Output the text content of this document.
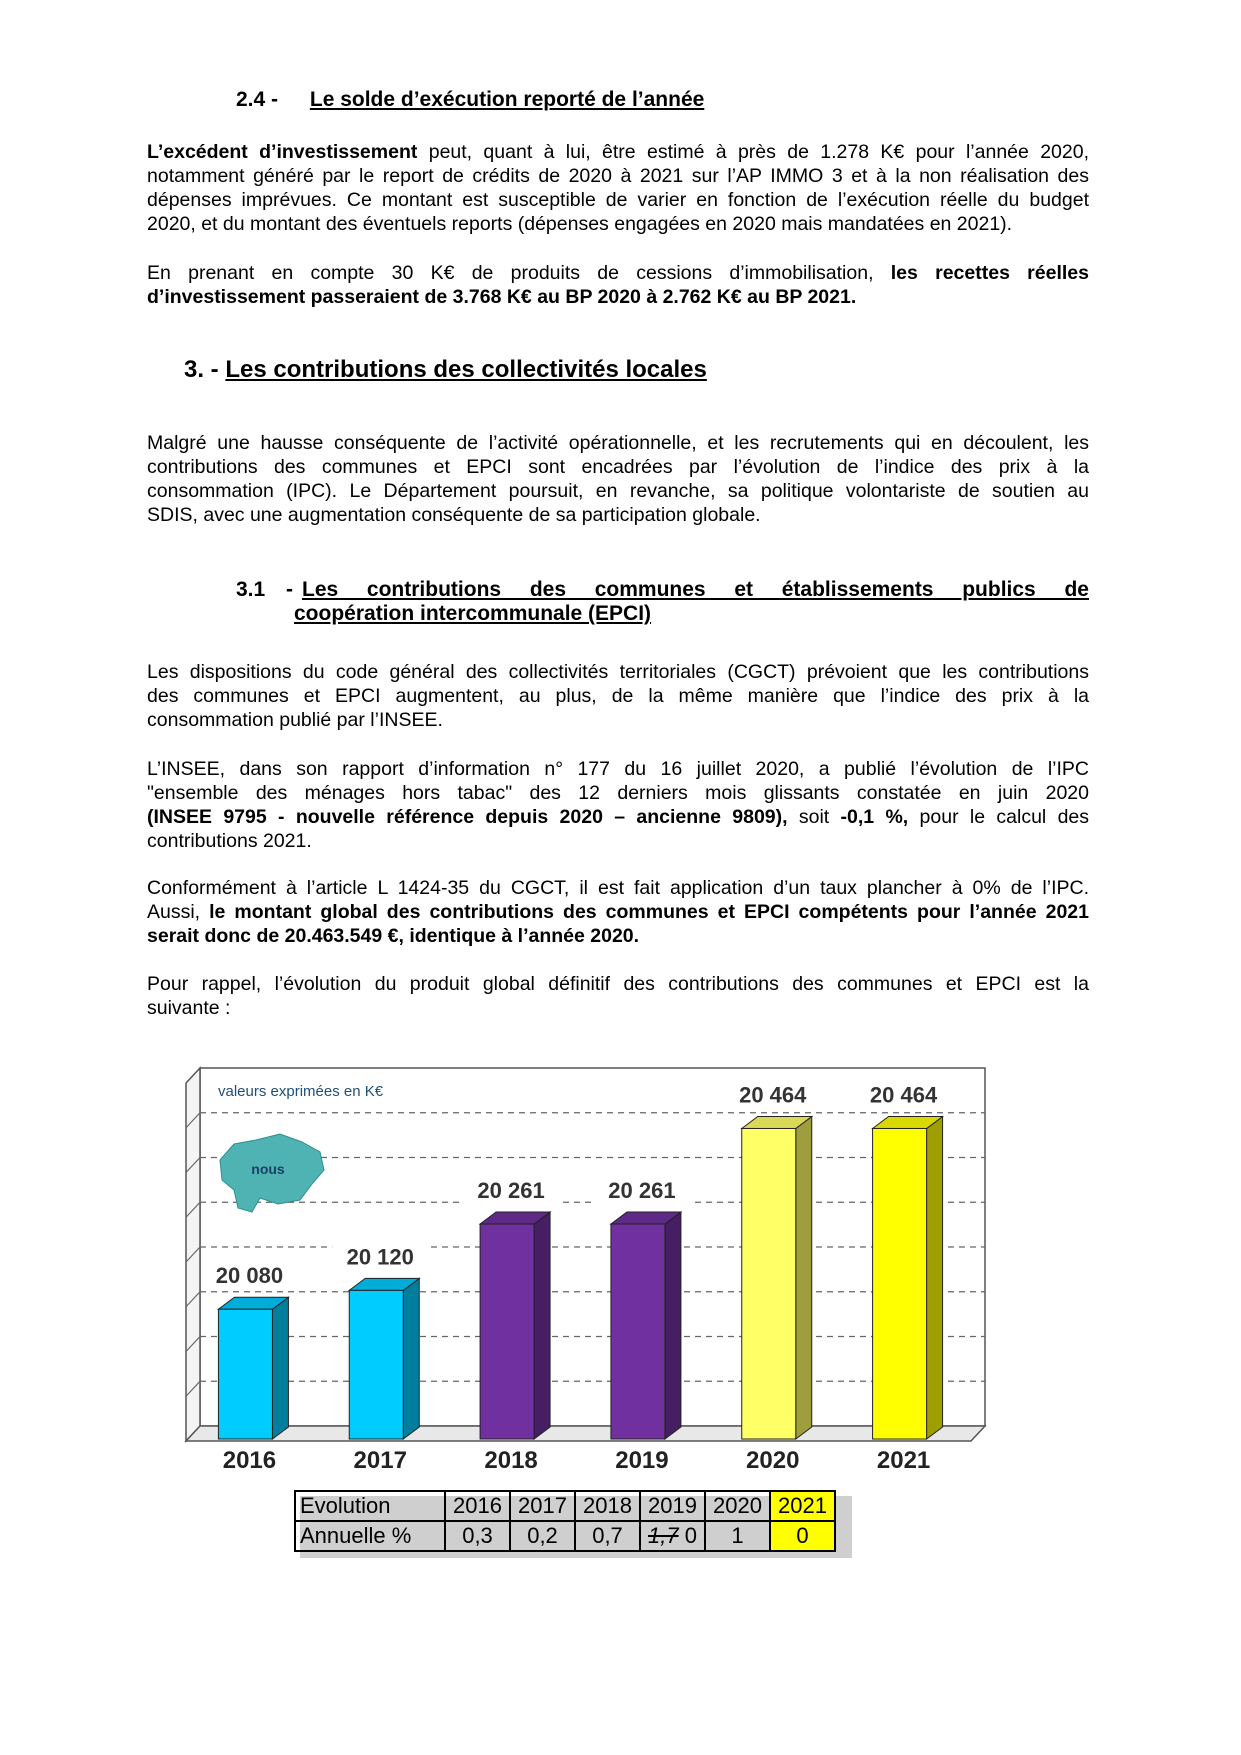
2.4 - Le solde d’exécution reporté de l’année
L’excédent d’investissement peut, quant à lui, être estimé à près de 1.278 K€ pour l’année 2020,
notamment généré par le report de crédits de 2020 à 2021 sur l’AP IMMO 3 et à la non réalisation des
dépenses imprévues. Ce montant est susceptible de varier en fonction de l’exécution réelle du budget
2020, et du montant des éventuels reports (dépenses engagées en 2020 mais mandatées en 2021).
En prenant en compte 30 K€ de produits de cessions d’immobilisation, les recettes réelles
d’investissement passeraient de 3.768 K€ au BP 2020 à 2.762 K€ au BP 2021.
3. - Les contributions des collectivités locales
Malgré une hausse conséquente de l’activité opérationnelle, et les recrutements qui en découlent, les
contributions des communes et EPCI sont encadrées par l’évolution de l’indice des prix à la
consommation (IPC). Le Département poursuit, en revanche, sa politique volontariste de soutien au
SDIS, avec une augmentation conséquente de sa participation globale.
3.1 - Les contributions des communes et établissements publics de
coopération intercommunale (EPCI)
Les dispositions du code général des collectivités territoriales (CGCT) prévoient que les contributions
des communes et EPCI augmentent, au plus, de la même manière que l’indice des prix à la
consommation publié par l’INSEE.
L’INSEE, dans son rapport d’information n° 177 du 16 juillet 2020, a publié l’évolution de l’IPC
"ensemble des ménages hors tabac" des 12 derniers mois glissants constatée en juin 2020
(INSEE 9795 - nouvelle référence depuis 2020 – ancienne 9809), soit -0,1 %, pour le calcul des
contributions 2021.
Conformément à l’article L 1424-35 du CGCT, il est fait application d’un taux plancher à 0% de l’IPC.
Aussi, le montant global des contributions des communes et EPCI compétents pour l’année 2021
serait donc de 20.463.549 €, identique à l’année 2020.
Pour rappel, l’évolution du produit global définitif des contributions des communes et EPCI est la
suivante :
nous
valeurs exprimées en K€
20 080
20 120
20 261	20 261
20 464	20 464
2016	2017	2018	2019	2020	2021
Evolution	2016	2017	2018	2019	2020	2021
Annuelle %	0,3	0,2	0,7	1,7 0	1	0
